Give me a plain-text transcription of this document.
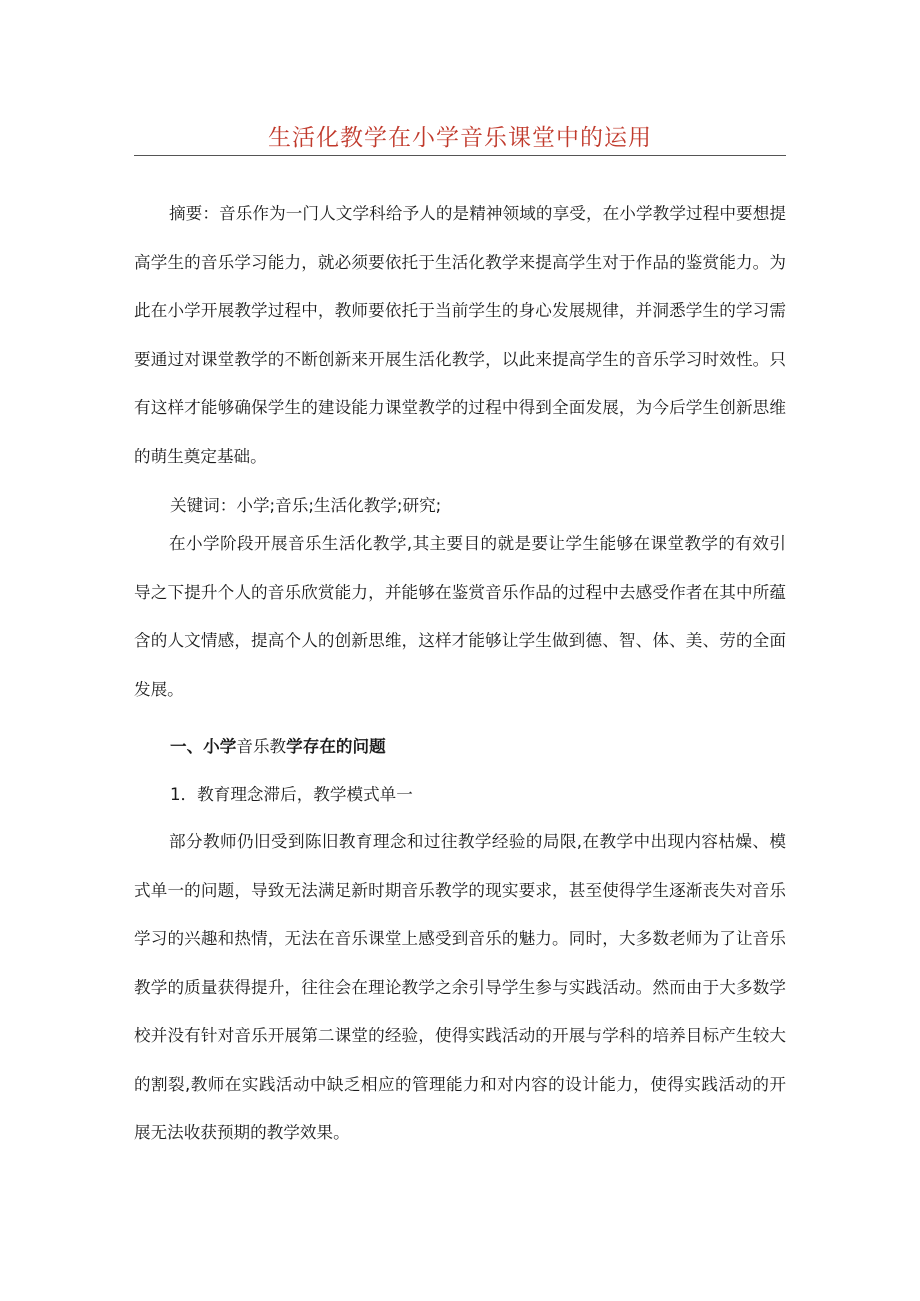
生活化教学在小学音乐课堂中的运用

摘要：音乐作为一门人文学科给予人的是精神领域的享受，在小学教学过程中要想提高学生的音乐学习能力，就必须要依托于生活化教学来提高学生对于作品的鉴赏能力。为此在小学开展教学过程中，教师要依托于当前学生的身心发展规律，并洞悉学生的学习需要通过对课堂教学的不断创新来开展生活化教学，以此来提高学生的音乐学习时效性。只有这样才能够确保学生的建设能力课堂教学的过程中得到全面发展，为今后学生创新思维的萌生奠定基础。

关键词：小学;音乐;生活化教学;研究;

在小学阶段开展音乐生活化教学,其主要目的就是要让学生能够在课堂教学的有效引导之下提升个人的音乐欣赏能力，并能够在鉴赏音乐作品的过程中去感受作者在其中所蕴含的人文情感，提高个人的创新思维，这样才能够让学生做到德、智、体、美、劳的全面发展。

一、小学音乐教学存在的问题

1．教育理念滞后，教学模式单一

部分教师仍旧受到陈旧教育理念和过往教学经验的局限,在教学中出现内容枯燥、模式单一的问题，导致无法满足新时期音乐教学的现实要求，甚至使得学生逐渐丧失对音乐学习的兴趣和热情，无法在音乐课堂上感受到音乐的魅力。同时，大多数老师为了让音乐教学的质量获得提升，往往会在理论教学之余引导学生参与实践活动。然而由于大多数学校并没有针对音乐开展第二课堂的经验，使得实践活动的开展与学科的培养目标产生较大的割裂,教师在实践活动中缺乏相应的管理能力和对内容的设计能力，使得实践活动的开展无法收获预期的教学效果。
